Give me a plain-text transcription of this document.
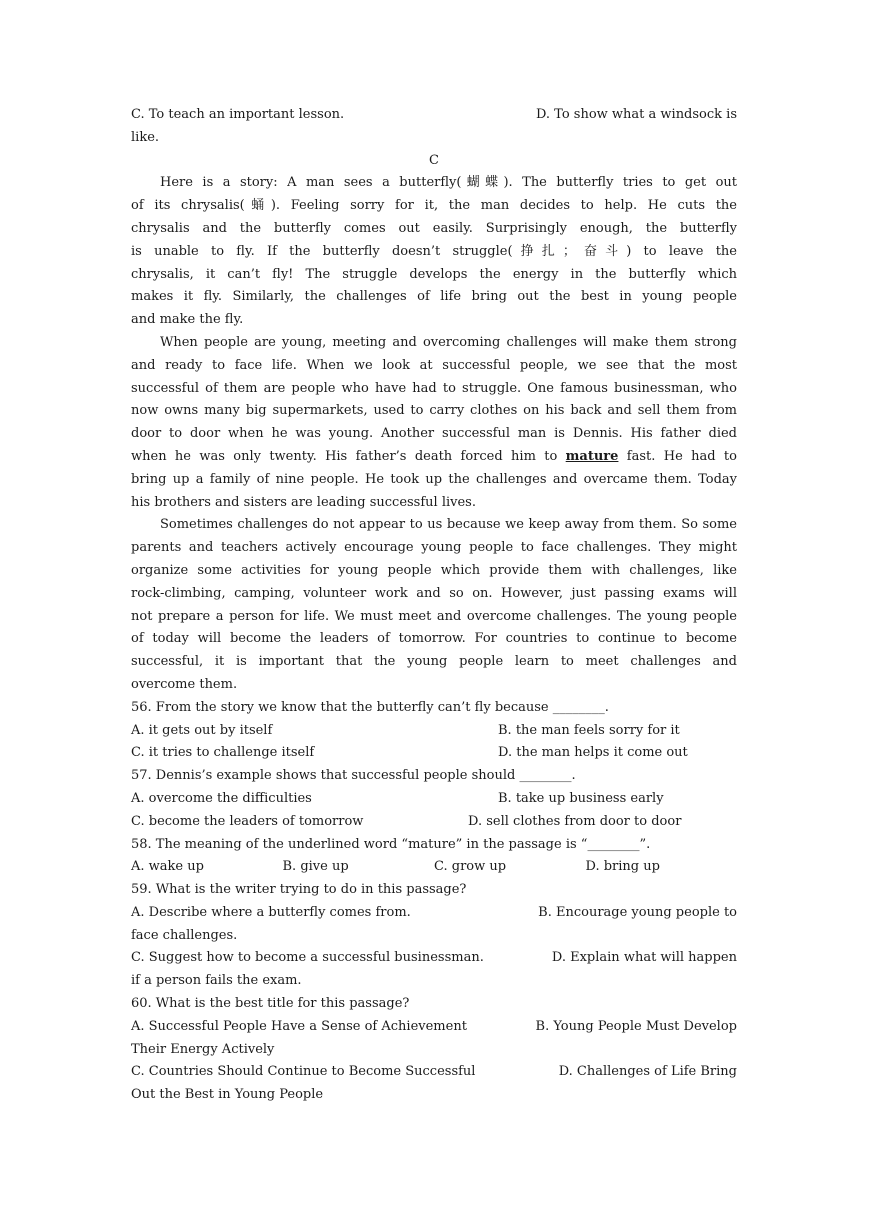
C. To teach an important lesson.	D. To show what a windsock is
like.
C
Here is a story: A man sees a butterfly(蝴蝶). The butterfly tries to get out
of its chrysalis(蛹). Feeling sorry for it, the man decides to help. He cuts the
chrysalis and the butterfly comes out easily. Surprisingly enough, the butterfly
is unable to fly. If the butterfly doesn’t struggle(挣扎；奋斗) to leave the
chrysalis, it can’t fly! The struggle develops the energy in the butterfly which
makes it fly. Similarly, the challenges of life bring out the best in young people
and make the fly.
When people are young, meeting and overcoming challenges will make them strong
and ready to face life. When we look at successful people, we see that the most
successful of them are people who have had to struggle. One famous businessman, who
now owns many big supermarkets, used to carry clothes on his back and sell them from
door to door when he was young. Another successful man is Dennis. His father died
when he was only twenty. His father’s death forced him to mature fast. He had to
bring up a family of nine people. He took up the challenges and overcame them. Today
his brothers and sisters are leading successful lives.
Sometimes challenges do not appear to us because we keep away from them. So some
parents and teachers actively encourage young people to face challenges. They might
organize some activities for young people which provide them with challenges, like
rock-climbing, camping, volunteer work and so on. However, just passing exams will
not prepare a person for life. We must meet and overcome challenges. The young people
of today will become the leaders of tomorrow. For countries to continue to become
successful, it is important that the young people learn to meet challenges and
overcome them.
56. From the story we know that the butterfly can’t fly because ________.
A. it gets out by itself	B. the man feels sorry for it
C. it tries to challenge itself	D. the man helps it come out
57. Dennis’s example shows that successful people should ________.
A. overcome the difficulties	B. take up business early
C. become the leaders of tomorrow	D. sell clothes from door to door
58. The meaning of the underlined word “mature” in the passage is “________”.
A. wake up	B. give up	C. grow up	D. bring up
59. What is the writer trying to do in this passage?
A. Describe where a butterfly comes from.	B. Encourage young people to
face challenges.
C. Suggest how to become a successful businessman.	D. Explain what will happen
if a person fails the exam.
60. What is the best title for this passage?
A. Successful People Have a Sense of Achievement	B. Young People Must Develop
Their Energy Actively
C. Countries Should Continue to Become Successful	D. Challenges of Life Bring
Out the Best in Young People
